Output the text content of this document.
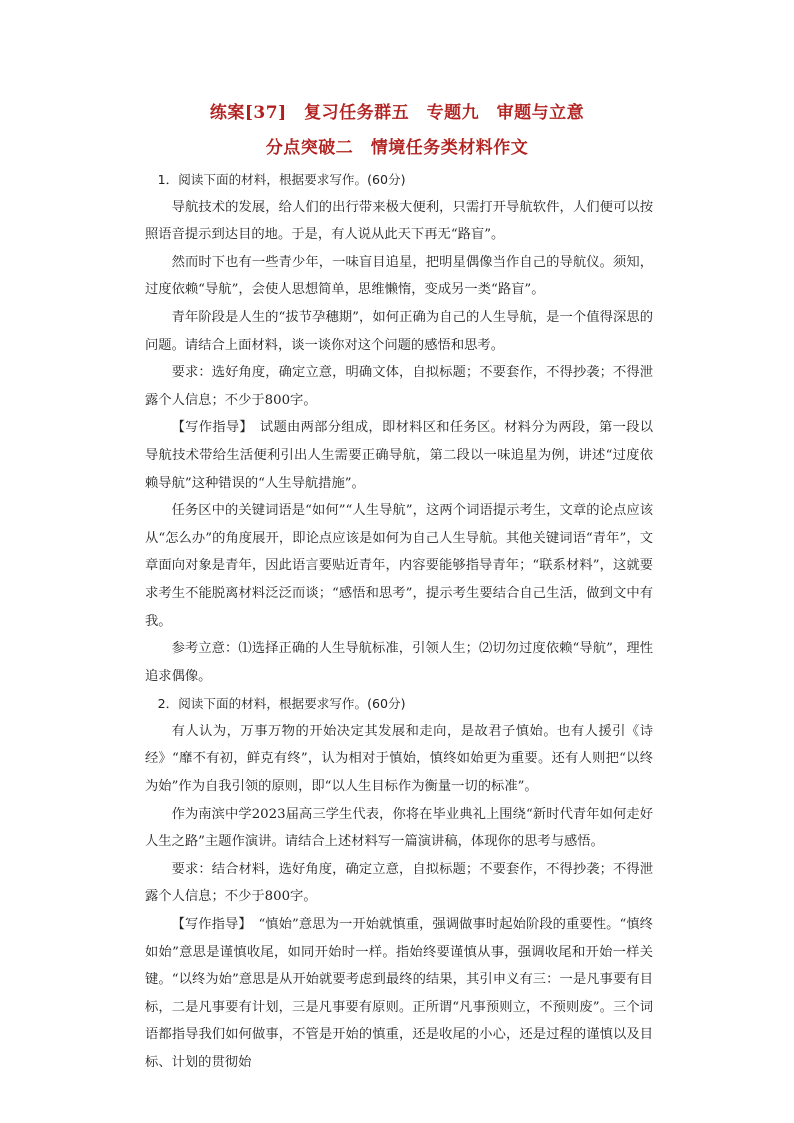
练案[37]　复习任务群五　专题九　审题与立意
分点突破二　情境任务类材料作文

1．阅读下面的材料，根据要求写作。(60分)

导航技术的发展，给人们的出行带来极大便利，只需打开导航软件，人们便可以按照语音提示到达目的地。于是，有人说从此天下再无“路盲”。

然而时下也有一些青少年，一味盲目追星，把明星偶像当作自己的导航仪。须知，过度依赖“导航”，会使人思想简单，思维懒惰，变成另一类“路盲”。

青年阶段是人生的“拔节孕穗期”，如何正确为自己的人生导航，是一个值得深思的问题。请结合上面材料，谈一谈你对这个问题的感悟和思考。

要求：选好角度，确定立意，明确文体，自拟标题；不要套作，不得抄袭；不得泄露个人信息；不少于800字。

【写作指导】　 试题由两部分组成，即材料区和任务区。材料分为两段，第一段以导航技术带给生活便利引出人生需要正确导航，第二段以一味追星为例，讲述“过度依赖导航”这种错误的“人生导航措施”。

任务区中的关键词语是“如何”“人生导航”，这两个词语提示考生，文章的论点应该从“怎么办”的角度展开，即论点应该是如何为自己人生导航。其他关键词语“青年”，文章面向对象是青年，因此语言要贴近青年，内容要能够指导青年；“联系材料”，这就要求考生不能脱离材料泛泛而谈；“感悟和思考”，提示考生要结合自己生活，做到文中有我。

参考立意：⑴选择正确的人生导航标准，引领人生；⑵切勿过度依赖“导航”，理性追求偶像。

2．阅读下面的材料，根据要求写作。(60分)

有人认为，万事万物的开始决定其发展和走向，是故君子慎始。也有人援引《诗经》“靡不有初，鲜克有终”，认为相对于慎始，慎终如始更为重要。还有人则把“以终为始”作为自我引领的原则，即“以人生目标作为衡量一切的标准”。

作为南滨中学2023届高三学生代表，你将在毕业典礼上围绕“新时代青年如何走好人生之路”主题作演讲。请结合上述材料写一篇演讲稿，体现你的思考与感悟。

要求：结合材料，选好角度，确定立意，自拟标题；不要套作，不得抄袭；不得泄露个人信息；不少于800字。

【写作指导】　 “慎始”意思为一开始就慎重，强调做事时起始阶段的重要性。“慎终如始”意思是谨慎收尾，如同开始时一样。指始终要谨慎从事，强调收尾和开始一样关键。“以终为始”意思是从开始就要考虑到最终的结果，其引申义有三：一是凡事要有目标，二是凡事要有计划，三是凡事要有原则。正所谓“凡事预则立，不预则废”。三个词语都指导我们如何做事，不管是开始的慎重，还是收尾的小心，还是过程的谨慎以及目标、计划的贯彻始
